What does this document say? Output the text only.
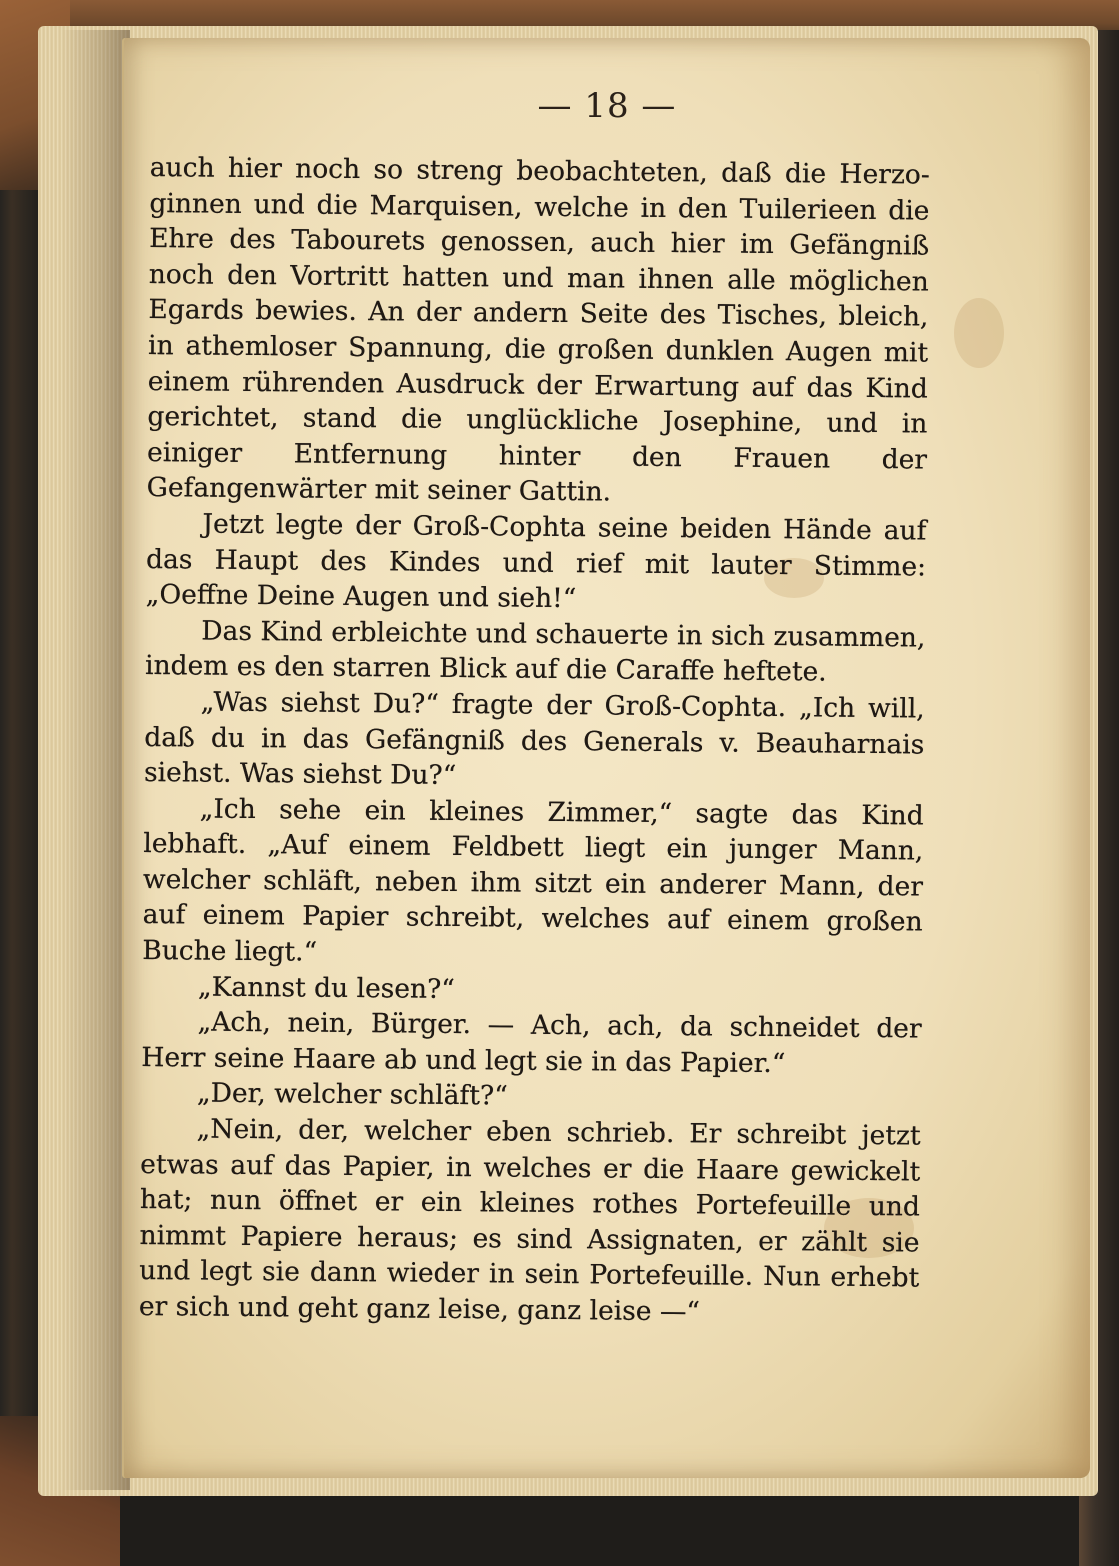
— 18 —

auch hier noch so streng beobachteten, daß die Herzoginnen und die Marquisen, welche in den Tuilerieen die Ehre des Tabourets genossen, auch hier im Gefängniß noch den Vortritt hatten und man ihnen alle möglichen Egards bewies. An der andern Seite des Tisches, bleich, in athemloser Spannung, die großen dunklen Augen mit einem rührenden Ausdruck der Erwartung auf das Kind gerichtet, stand die unglückliche Josephine, und in einiger Entfernung hinter den Frauen der Gefangenwärter mit seiner Gattin.

Jetzt legte der Groß-Cophta seine beiden Hände auf das Haupt des Kindes und rief mit lauter Stimme: „Oeffne Deine Augen und sieh!“

Das Kind erbleichte und schauerte in sich zusammen, indem es den starren Blick auf die Caraffe heftete.

„Was siehst Du?“ fragte der Groß-Cophta. „Ich will, daß du in das Gefängniß des Generals v. Beauharnais siehst. Was siehst Du?“

„Ich sehe ein kleines Zimmer,“ sagte das Kind lebhaft. „Auf einem Feldbett liegt ein junger Mann, welcher schläft, neben ihm sitzt ein anderer Mann, der auf einem Papier schreibt, welches auf einem großen Buche liegt.“

„Kannst du lesen?“

„Ach, nein, Bürger. — Ach, ach, da schneidet der Herr seine Haare ab und legt sie in das Papier.“

„Der, welcher schläft?“

„Nein, der, welcher eben schrieb. Er schreibt jetzt etwas auf das Papier, in welches er die Haare gewickelt hat; nun öffnet er ein kleines rothes Portefeuille und nimmt Papiere heraus; es sind Assignaten, er zählt sie und legt sie dann wieder in sein Portefeuille. Nun erhebt er sich und geht ganz leise, ganz leise —“
